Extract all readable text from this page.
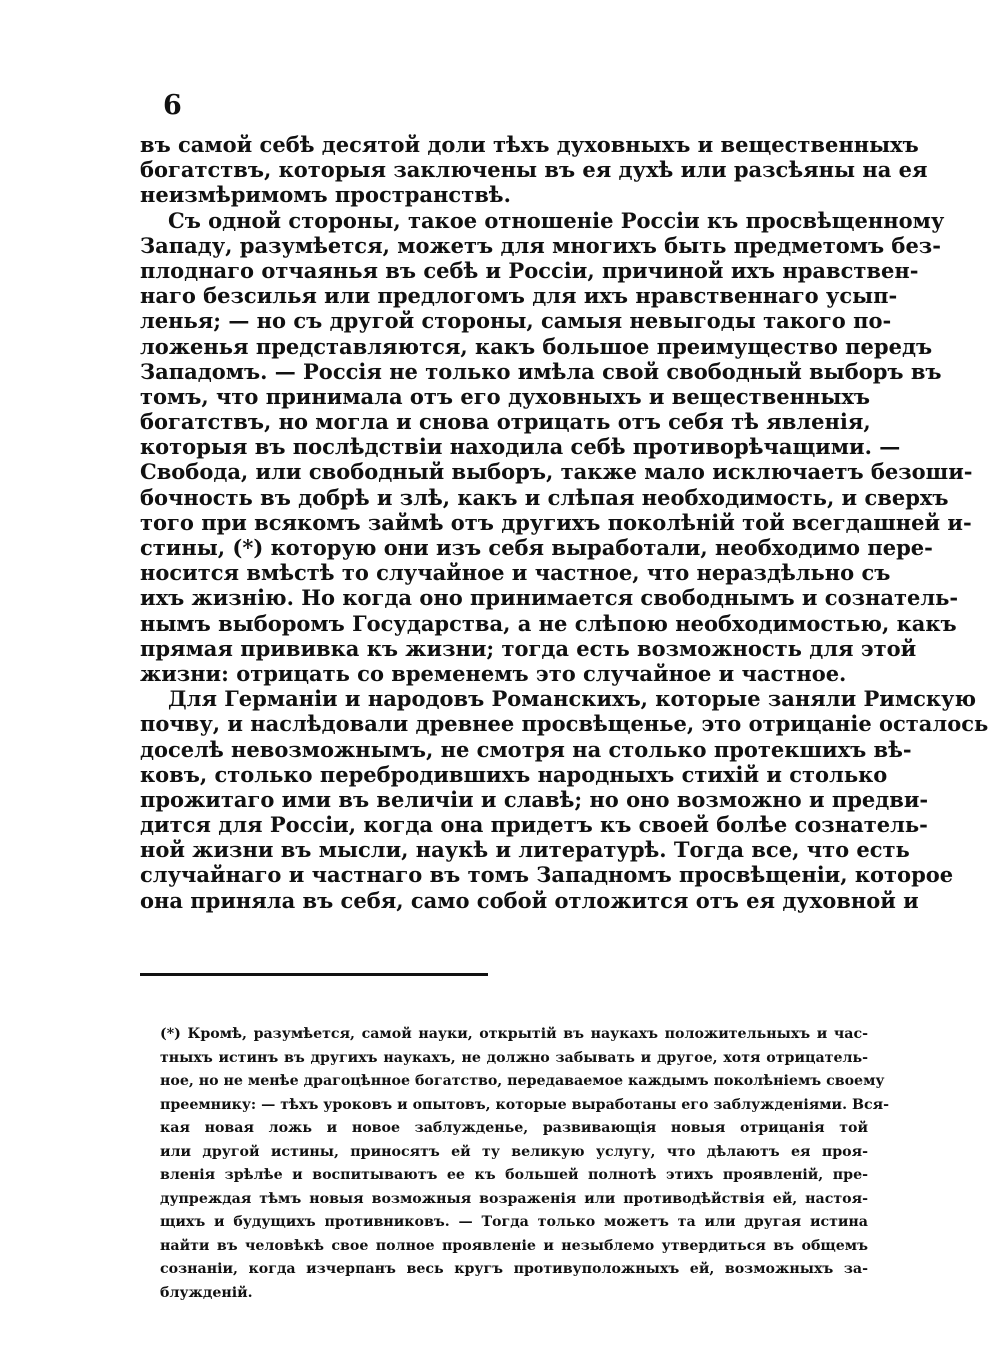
6
въ самой себѣ десятой доли тѣхъ духовныхъ и вещественныхъ
богатствъ, которыя заключены въ ея духѣ или разсѣяны на ея
неизмѣримомъ пространствѣ.
Съ одной стороны, такое отношеніе Россіи къ просвѣщенному
Западу, разумѣется, можетъ для многихъ быть предметомъ без-
плоднаго отчаянья въ себѣ и Россіи, причиной ихъ нравствен-
наго безсилья или предлогомъ для ихъ нравственнаго усып-
ленья; — но съ другой стороны, самыя невыгоды такого по-
ложенья представляются, какъ большое преимущество передъ
Западомъ. — Россія не только имѣла свой свободный выборъ въ
томъ, что принимала отъ его духовныхъ и вещественныхъ
богатствъ, но могла и снова отрицать отъ себя тѣ явленія,
которыя въ послѣдствіи находила себѣ противорѣчащими. —
Свобода, или свободный выборъ, также мало исключаетъ безоши-
бочность въ добрѣ и злѣ, какъ и слѣпая необходимость, и сверхъ
того при всякомъ займѣ отъ другихъ поколѣній той всегдашней и-
стины, (*) которую они изъ себя выработали, необходимо пере-
носится вмѣстѣ то случайное и частное, что нераздѣльно съ
ихъ жизнію. Но когда оно принимается свободнымъ и сознатель-
нымъ выборомъ Государства, а не слѣпою необходимостью, какъ
прямая прививка къ жизни; тогда есть возможность для этой
жизни: отрицать со временемъ это случайное и частное.
Для Германіи и народовъ Романскихъ, которые заняли Римскую
почву, и наслѣдовали древнее просвѣщенье, это отрицаніе осталось
доселѣ невозможнымъ, не смотря на столько протекшихъ вѣ-
ковъ, столько перебродившихъ народныхъ стихій и столько
прожитаго ими въ величіи и славѣ; но оно возможно и предви-
дится для Россіи, когда она придетъ къ своей болѣе сознатель-
ной жизни въ мысли, наукѣ и литературѣ. Тогда все, что есть
случайнаго и частнаго въ томъ Западномъ просвѣщеніи, которое
она приняла въ себя, само собой отложится отъ ея духовной и
(*) Кромѣ, разумѣется, самой науки, открытій въ наукахъ положительныхъ и час-
тныхъ истинъ въ другихъ наукахъ, не должно забывать и другое, хотя отрицатель-
ное, но не менѣе драгоцѣнное богатство, передаваемое каждымъ поколѣніемъ своему
преемнику: — тѣхъ уроковъ и опытовъ, которые выработаны его заблужденіями. Вся-
кая новая ложь и новое заблужденье, развивающія новыя отрицанія той
или другой истины, приносятъ ей ту великую услугу, что дѣлаютъ ея проя-
вленія зрѣлѣе и воспитываютъ ее къ большей полнотѣ этихъ проявленій, пре-
дупреждая тѣмъ новыя возможныя возраженія или противодѣйствія ей, настоя-
щихъ и будущихъ противниковъ. — Тогда только можетъ та или другая истина
найти въ человѣкѣ свое полное проявленіе и незыблемо утвердиться въ общемъ
сознаніи, когда изчерпанъ весь кругъ противуположныхъ ей, возможныхъ за-
блужденій.
